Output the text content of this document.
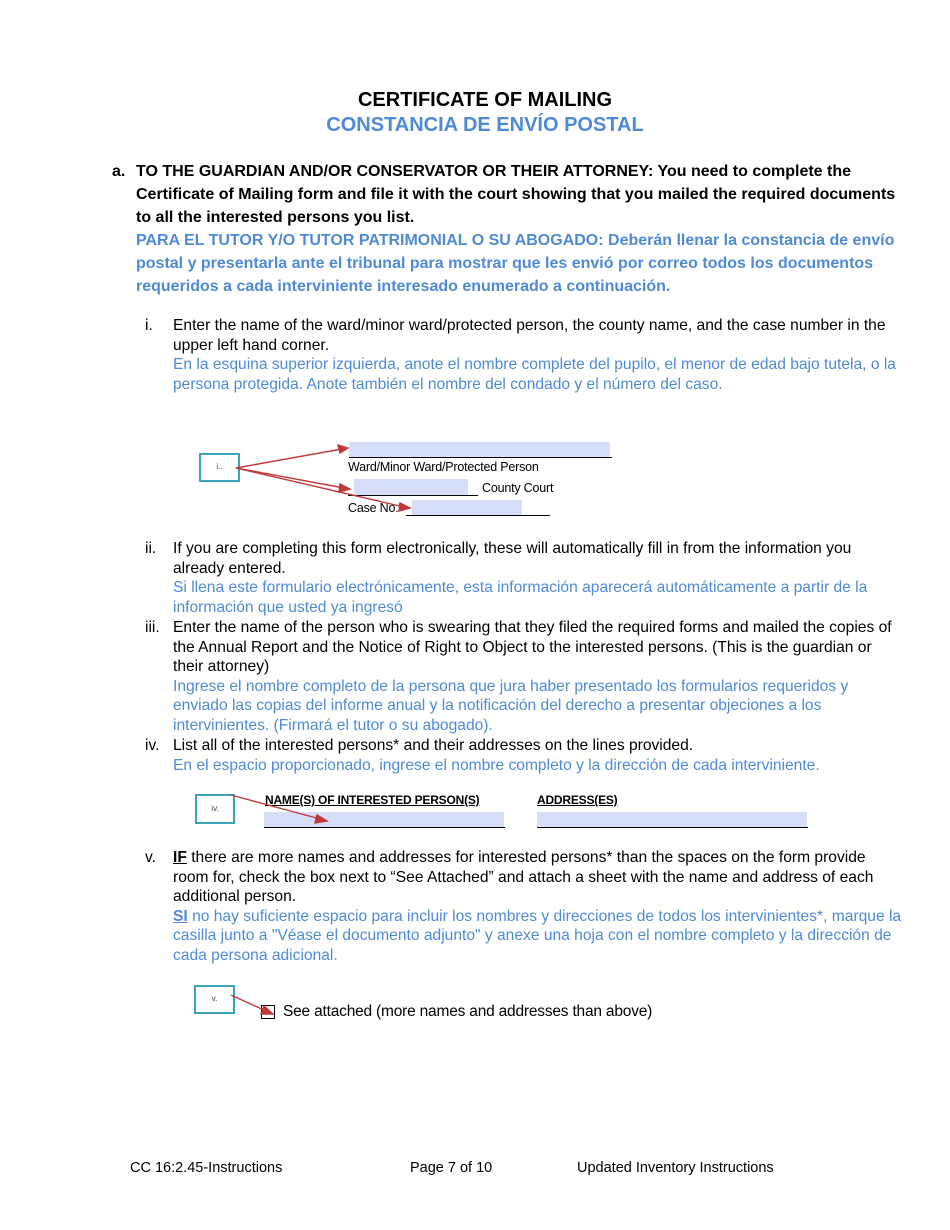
CERTIFICATE OF MAILING
CONSTANCIA DE ENVÍO POSTAL
a. TO THE GUARDIAN AND/OR CONSERVATOR OR THEIR ATTORNEY: You need to complete the Certificate of Mailing form and file it with the court showing that you mailed the required documents to all the interested persons you list.
PARA EL TUTOR Y/O TUTOR PATRIMONIAL O SU ABOGADO: Deberán llenar la constancia de envío postal y presentarla ante el tribunal para mostrar que les envió por correo todos los documentos requeridos a cada interviniente interesado enumerado a continuación.
i.	Enter the name of the ward/minor ward/protected person, the county name, and the case number in the upper left hand corner.
En la esquina superior izquierda, anote el nombre complete del pupilo, el menor de edad bajo tutela, o la persona protegida. Anote también el nombre del condado y el número del caso.
i..	Ward/Minor Ward/Protected Person
County Court
Case No.
ii.	If you are completing this form electronically, these will automatically fill in from the information you already entered.
Si llena este formulario electrónicamente, esta información aparecerá automáticamente a partir de la información que usted ya ingresó
iii. Enter the name of the person who is swearing that they filed the required forms and mailed the copies of the Annual Report and the Notice of Right to Object to the interested persons. (This is the guardian or their attorney)
Ingrese el nombre completo de la persona que jura haber presentado los formularios requeridos y enviado las copias del informe anual y la notificación del derecho a presentar objeciones a los intervinientes. (Firmará el tutor o su abogado).
iv. List all of the interested persons* and their addresses on the lines provided.
En el espacio proporcionado, ingrese el nombre completo y la dirección de cada interviniente.
iv.
NAME(S) OF INTERESTED PERSON(S)	ADDRESS(ES)
v.	IF there are more names and addresses for interested persons* than the spaces on the form provide room for, check the box next to “See Attached” and attach a sheet with the name and address of each additional person.
SI no hay suficiente espacio para incluir los nombres y direcciones de todos los intervinientes*, marque la casilla junto a "Véase el documento adjunto" y anexe una hoja con el nombre completo y la dirección de cada persona adicional.
v.
See attached (more names and addresses than above)
CC 16:2.45-Instructions	Page 7 of 10	Updated Inventory Instructions
